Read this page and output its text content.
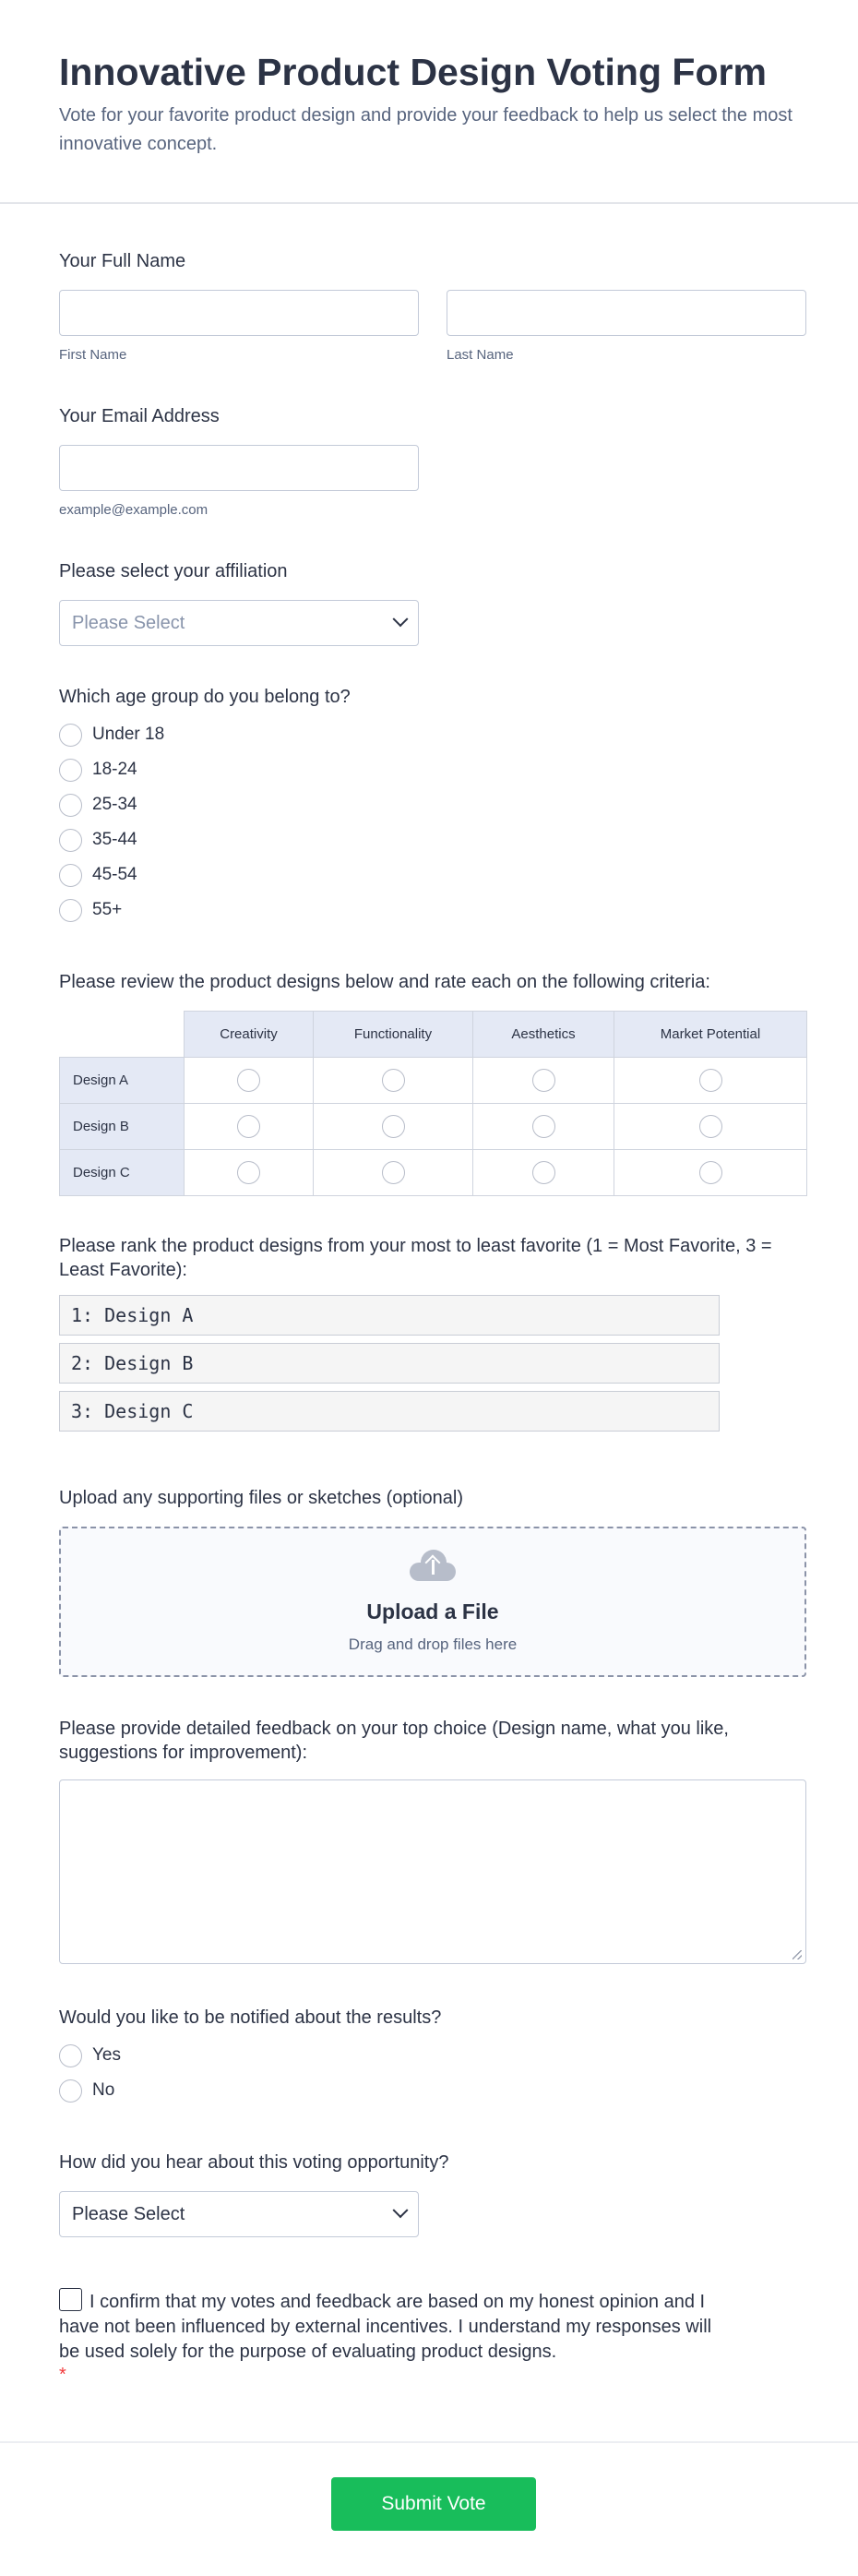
Innovative Product Design Voting Form

Vote for your favorite product design and provide your feedback to help us select the most innovative concept.

Your Full Name
First Name	Last Name
Your Email Address
example@example.com
Please select your affiliation
Please Select
Which age group do you belong to?
Under 18
18-24
25-34
35-44
45-54
55+
Please review the product designs below and rate each on the following criteria:
	Creativity	Functionality	Aesthetics	Market Potential
Design A				
Design B				
Design C				
Please rank the product designs from your most to least favorite (1 = Most Favorite, 3 = Least Favorite):
1: Design A
2: Design B
3: Design C
Upload any supporting files or sketches (optional)
Upload a File
Drag and drop files here
Please provide detailed feedback on your top choice (Design name, what you like, suggestions for improvement):
Would you like to be notified about the results?
Yes
No
How did you hear about this voting opportunity?
Please Select
I confirm that my votes and feedback are based on my honest opinion and I have not been influenced by external incentives. I understand my responses will be used solely for the purpose of evaluating product designs.
*
Submit Vote
